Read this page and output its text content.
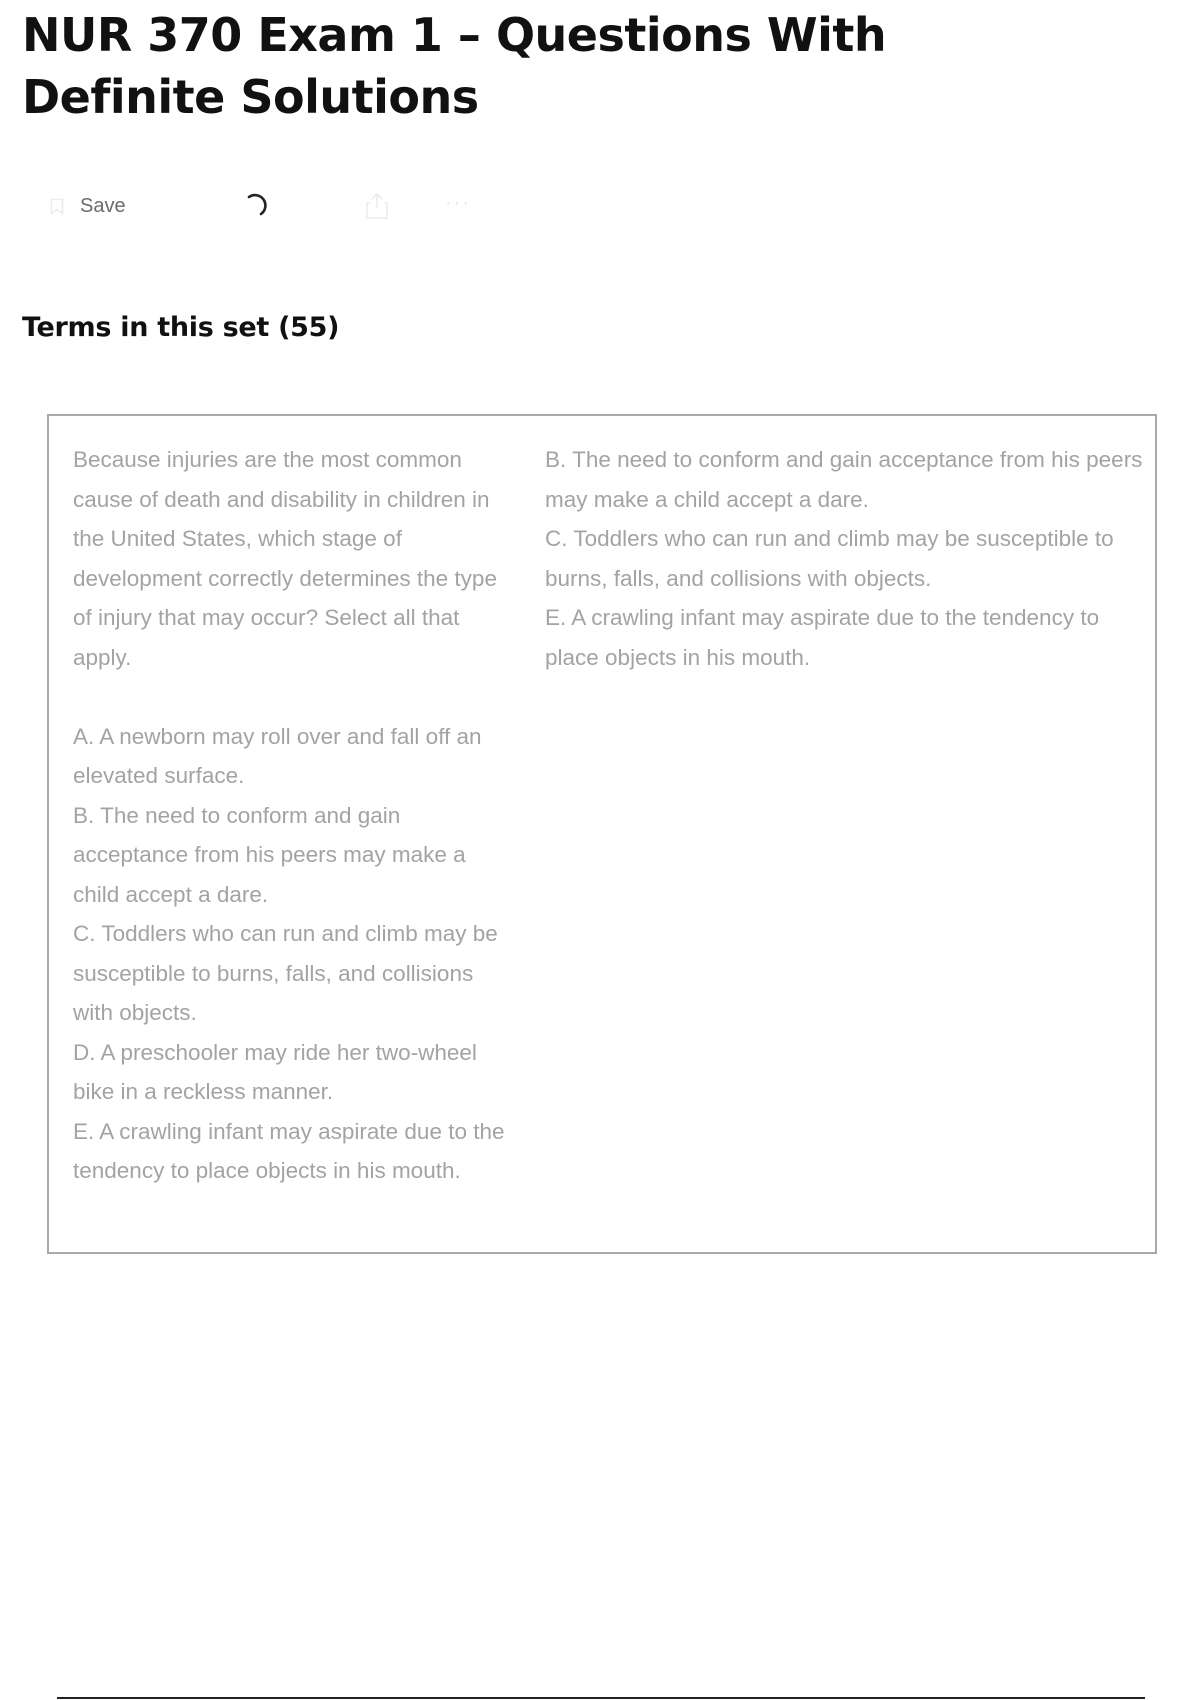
NUR 370 Exam 1 – Questions With Definite Solutions
Save	···
Terms in this set (55)

Because injuries are the most common cause of death and disability in children in the United States, which stage of development correctly determines the type of injury that may occur? Select all that apply.

A. A newborn may roll over and fall off an elevated surface.

B. The need to conform and gain acceptance from his peers may make a child accept a dare.

C. Toddlers who can run and climb may be susceptible to burns, falls, and collisions with objects.

D. A preschooler may ride her two-wheel bike in a reckless manner.

E. A crawling infant may aspirate due to the tendency to place objects in his mouth.

B. The need to conform and gain acceptance from his peers may make a child accept a dare.

C. Toddlers who can run and climb may be susceptible to burns, falls, and collisions with objects.

E. A crawling infant may aspirate due to the tendency to place objects in his mouth.
